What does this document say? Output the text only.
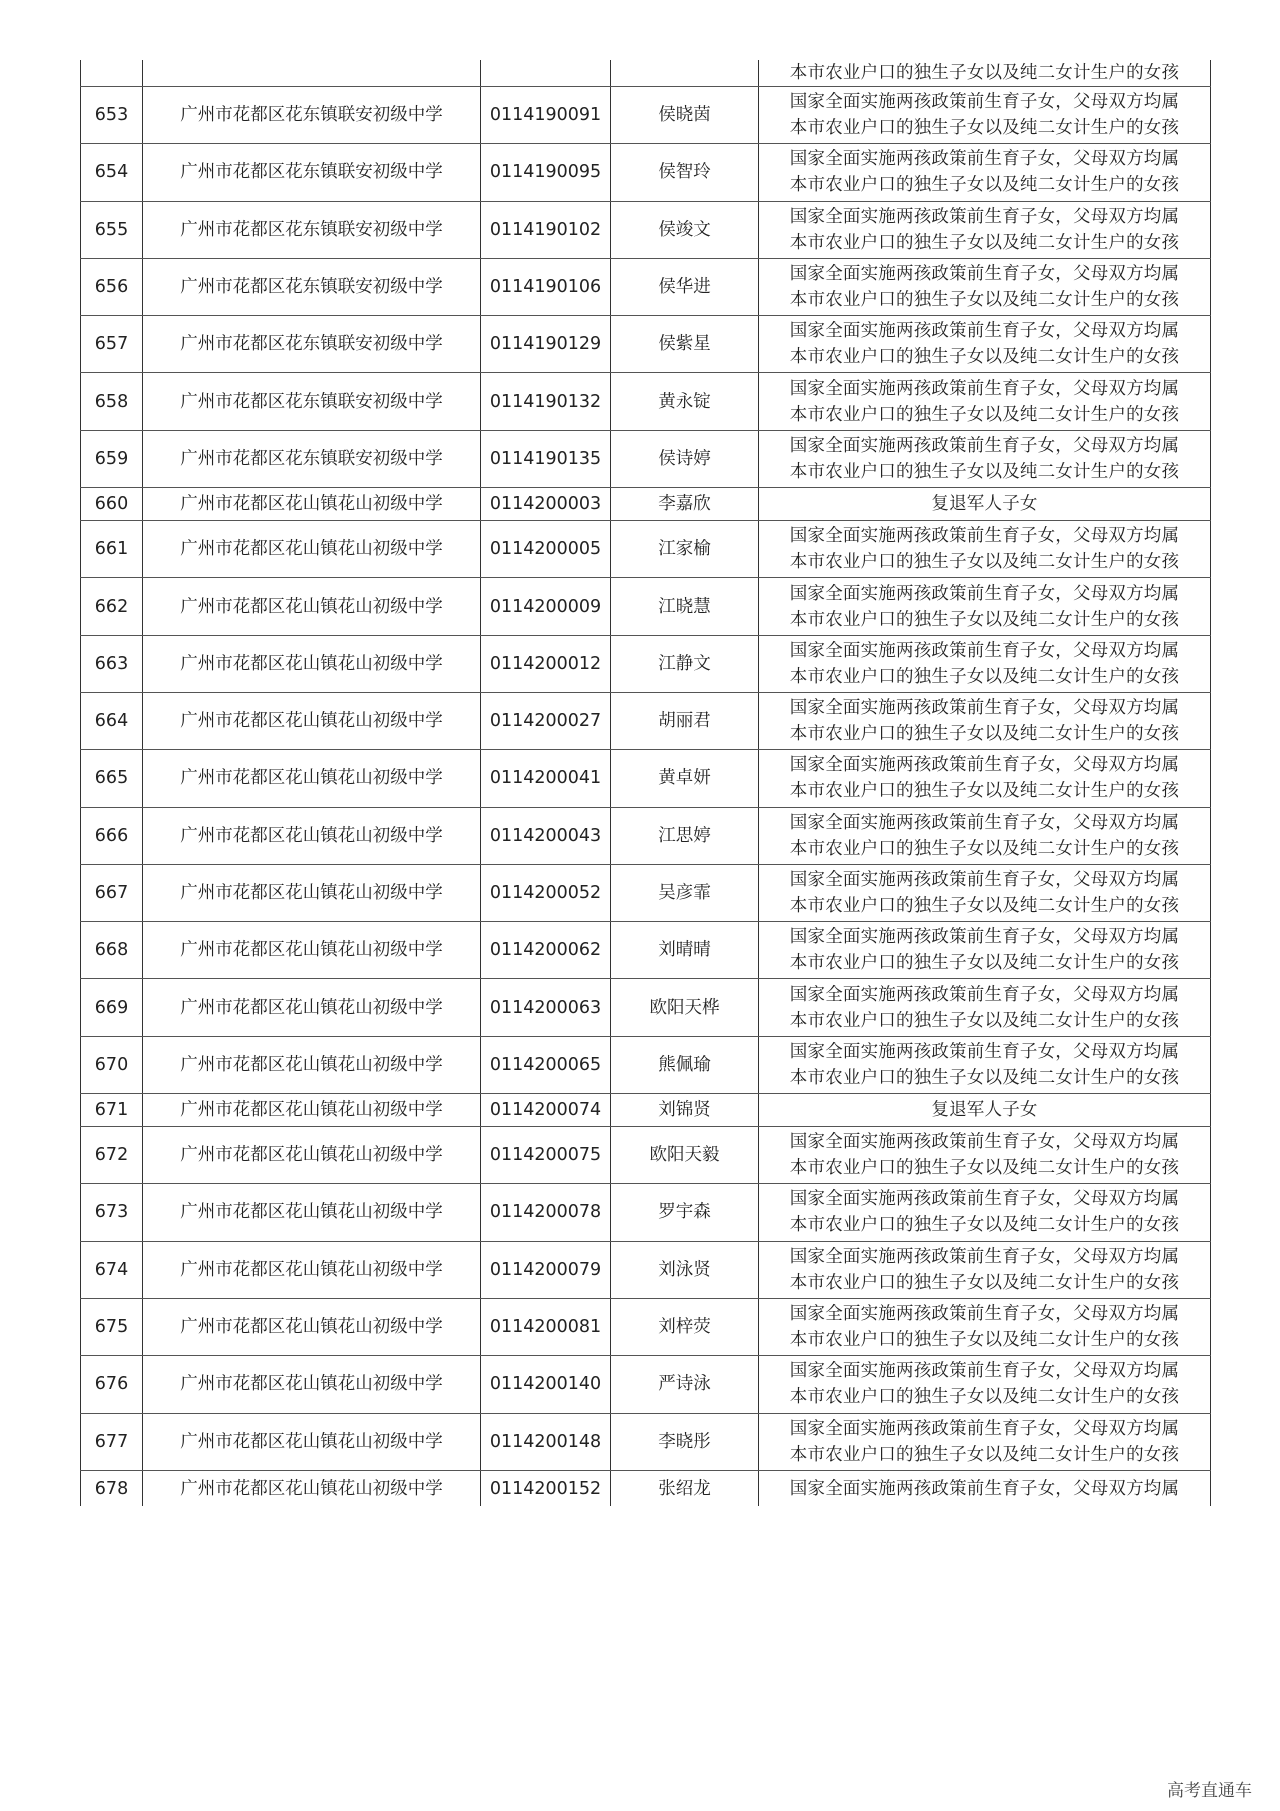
				本市农业户口的独生子女以及纯二女计生户的女孩

653	广州市花都区花东镇联安初级中学	0114190091	侯晓茵	国家全面实施两孩政策前生育子女，父母双方均属
本市农业户口的独生子女以及纯二女计生户的女孩

654	广州市花都区花东镇联安初级中学	0114190095	侯智玲	国家全面实施两孩政策前生育子女，父母双方均属
本市农业户口的独生子女以及纯二女计生户的女孩

655	广州市花都区花东镇联安初级中学	0114190102	侯竣文	国家全面实施两孩政策前生育子女，父母双方均属
本市农业户口的独生子女以及纯二女计生户的女孩

656	广州市花都区花东镇联安初级中学	0114190106	侯华进	国家全面实施两孩政策前生育子女，父母双方均属
本市农业户口的独生子女以及纯二女计生户的女孩

657	广州市花都区花东镇联安初级中学	0114190129	侯紫星	国家全面实施两孩政策前生育子女，父母双方均属
本市农业户口的独生子女以及纯二女计生户的女孩

658	广州市花都区花东镇联安初级中学	0114190132	黄永锭	国家全面实施两孩政策前生育子女，父母双方均属
本市农业户口的独生子女以及纯二女计生户的女孩

659	广州市花都区花东镇联安初级中学	0114190135	侯诗婷	国家全面实施两孩政策前生育子女，父母双方均属
本市农业户口的独生子女以及纯二女计生户的女孩

660	广州市花都区花山镇花山初级中学	0114200003	李嘉欣	复退军人子女

661	广州市花都区花山镇花山初级中学	0114200005	江家榆	国家全面实施两孩政策前生育子女，父母双方均属
本市农业户口的独生子女以及纯二女计生户的女孩

662	广州市花都区花山镇花山初级中学	0114200009	江晓慧	国家全面实施两孩政策前生育子女，父母双方均属
本市农业户口的独生子女以及纯二女计生户的女孩

663	广州市花都区花山镇花山初级中学	0114200012	江静文	国家全面实施两孩政策前生育子女，父母双方均属
本市农业户口的独生子女以及纯二女计生户的女孩

664	广州市花都区花山镇花山初级中学	0114200027	胡丽君	国家全面实施两孩政策前生育子女，父母双方均属
本市农业户口的独生子女以及纯二女计生户的女孩

665	广州市花都区花山镇花山初级中学	0114200041	黄卓妍	国家全面实施两孩政策前生育子女，父母双方均属
本市农业户口的独生子女以及纯二女计生户的女孩

666	广州市花都区花山镇花山初级中学	0114200043	江思婷	国家全面实施两孩政策前生育子女，父母双方均属
本市农业户口的独生子女以及纯二女计生户的女孩

667	广州市花都区花山镇花山初级中学	0114200052	吴彦霏	国家全面实施两孩政策前生育子女，父母双方均属
本市农业户口的独生子女以及纯二女计生户的女孩

668	广州市花都区花山镇花山初级中学	0114200062	刘晴晴	国家全面实施两孩政策前生育子女，父母双方均属
本市农业户口的独生子女以及纯二女计生户的女孩

669	广州市花都区花山镇花山初级中学	0114200063	欧阳天桦	国家全面实施两孩政策前生育子女，父母双方均属
本市农业户口的独生子女以及纯二女计生户的女孩

670	广州市花都区花山镇花山初级中学	0114200065	熊佩瑜	国家全面实施两孩政策前生育子女，父母双方均属
本市农业户口的独生子女以及纯二女计生户的女孩

671	广州市花都区花山镇花山初级中学	0114200074	刘锦贤	复退军人子女

672	广州市花都区花山镇花山初级中学	0114200075	欧阳天毅	国家全面实施两孩政策前生育子女，父母双方均属
本市农业户口的独生子女以及纯二女计生户的女孩

673	广州市花都区花山镇花山初级中学	0114200078	罗宇森	国家全面实施两孩政策前生育子女，父母双方均属
本市农业户口的独生子女以及纯二女计生户的女孩

674	广州市花都区花山镇花山初级中学	0114200079	刘泳贤	国家全面实施两孩政策前生育子女，父母双方均属
本市农业户口的独生子女以及纯二女计生户的女孩

675	广州市花都区花山镇花山初级中学	0114200081	刘梓荧	国家全面实施两孩政策前生育子女，父母双方均属
本市农业户口的独生子女以及纯二女计生户的女孩

676	广州市花都区花山镇花山初级中学	0114200140	严诗泳	国家全面实施两孩政策前生育子女，父母双方均属
本市农业户口的独生子女以及纯二女计生户的女孩

677	广州市花都区花山镇花山初级中学	0114200148	李晓彤	国家全面实施两孩政策前生育子女，父母双方均属
本市农业户口的独生子女以及纯二女计生户的女孩

678	广州市花都区花山镇花山初级中学	0114200152	张绍龙	国家全面实施两孩政策前生育子女，父母双方均属
高考直通车
